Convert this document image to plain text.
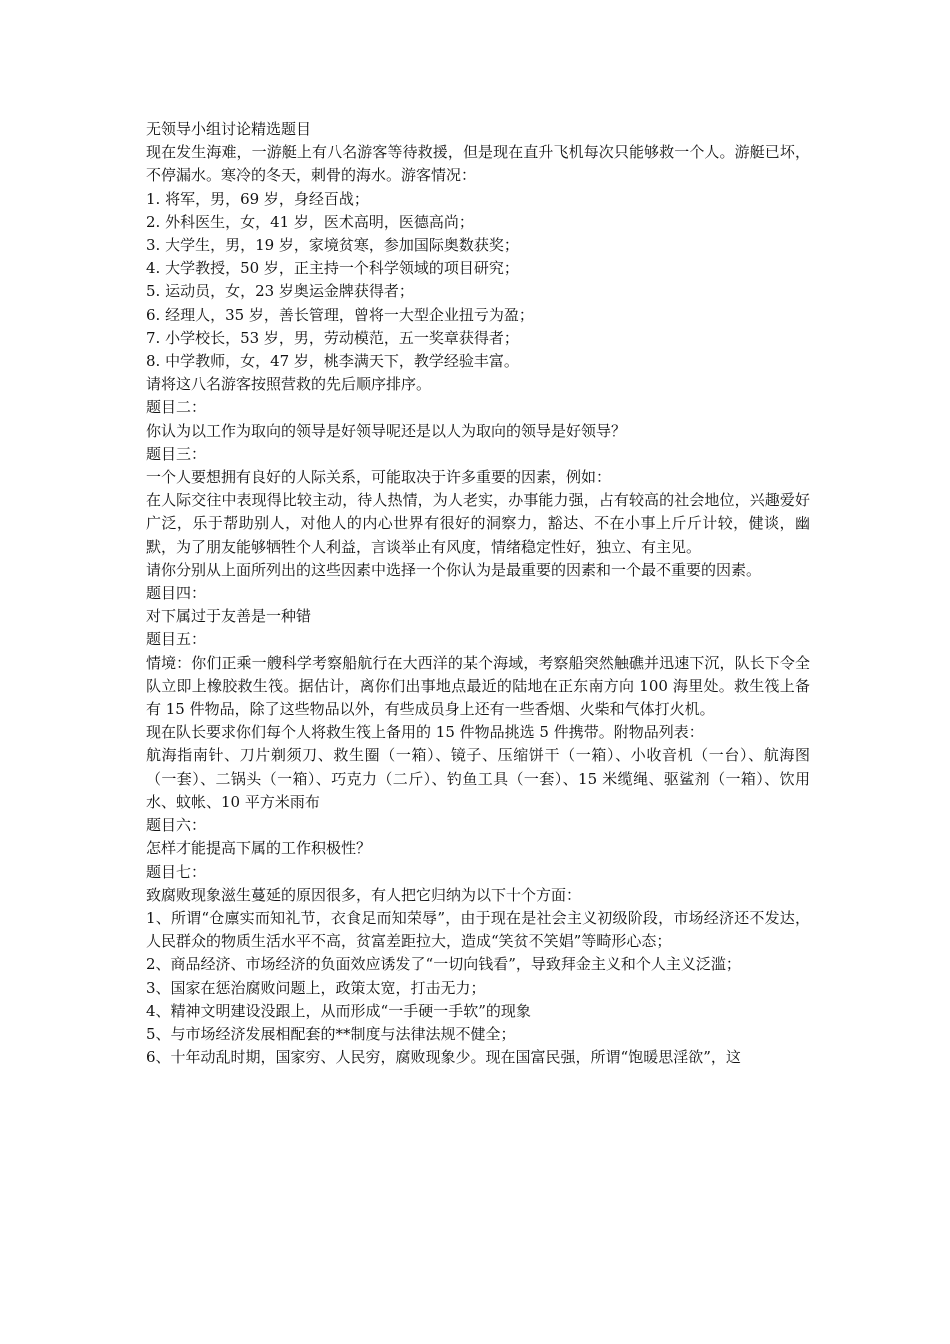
无领导小组讨论精选题目

现在发生海难，一游艇上有八名游客等待救援，但是现在直升飞机每次只能够救一个人。游艇已坏，不停漏水。寒冷的冬天，刺骨的海水。游客情况：

1. 将军，男，69 岁，身经百战；

2. 外科医生，女，41 岁，医术高明，医德高尚；

3. 大学生，男，19 岁，家境贫寒，参加国际奥数获奖；

4. 大学教授，50 岁，正主持一个科学领域的项目研究；

5. 运动员，女，23 岁奥运金牌获得者；

6. 经理人，35 岁，善长管理，曾将一大型企业扭亏为盈；

7. 小学校长，53 岁，男，劳动模范，五一奖章获得者；

8. 中学教师，女，47 岁，桃李满天下，教学经验丰富。

请将这八名游客按照营救的先后顺序排序。

题目二：

你认为以工作为取向的领导是好领导呢还是以人为取向的领导是好领导？

题目三：

一个人要想拥有良好的人际关系，可能取决于许多重要的因素，例如：

在人际交往中表现得比较主动，待人热情，为人老实，办事能力强，占有较高的社会地位，兴趣爱好广泛，乐于帮助别人，对他人的内心世界有很好的洞察力，豁达、不在小事上斤斤计较，健谈，幽默，为了朋友能够牺牲个人利益，言谈举止有风度，情绪稳定性好，独立、有主见。

请你分别从上面所列出的这些因素中选择一个你认为是最重要的因素和一个最不重要的因素。

题目四：

对下属过于友善是一种错

题目五：

情境：你们正乘一艘科学考察船航行在大西洋的某个海域，考察船突然触礁并迅速下沉，队长下令全队立即上橡胶救生筏。据估计，离你们出事地点最近的陆地在正东南方向 100 海里处。救生筏上备有 15 件物品，除了这些物品以外，有些成员身上还有一些香烟、火柴和气体打火机。

现在队长要求你们每个人将救生筏上备用的 15 件物品挑选 5 件携带。附物品列表：

航海指南针、刀片剃须刀、救生圈（一箱）、镜子、压缩饼干（一箱）、小收音机（一台）、航海图（一套）、二锅头（一箱）、巧克力（二斤）、钓鱼工具（一套）、15 米缆绳、驱鲨剂（一箱）、饮用水、蚊帐、10 平方米雨布

题目六：

怎样才能提高下属的工作积极性？

题目七：

致腐败现象滋生蔓延的原因很多，有人把它归纳为以下十个方面：

1、所谓“仓廪实而知礼节，衣食足而知荣辱”，由于现在是社会主义初级阶段，市场经济还不发达，人民群众的物质生活水平不高，贫富差距拉大，造成“笑贫不笑娼”等畸形心态；

2、商品经济、市场经济的负面效应诱发了“一切向钱看”，导致拜金主义和个人主义泛滥；

3、国家在惩治腐败问题上，政策太宽，打击无力；

4、精神文明建设没跟上，从而形成“一手硬一手软”的现象

5、与市场经济发展相配套的**制度与法律法规不健全；

6、十年动乱时期，国家穷、人民穷，腐败现象少。现在国富民强，所谓“饱暖思淫欲”，这
